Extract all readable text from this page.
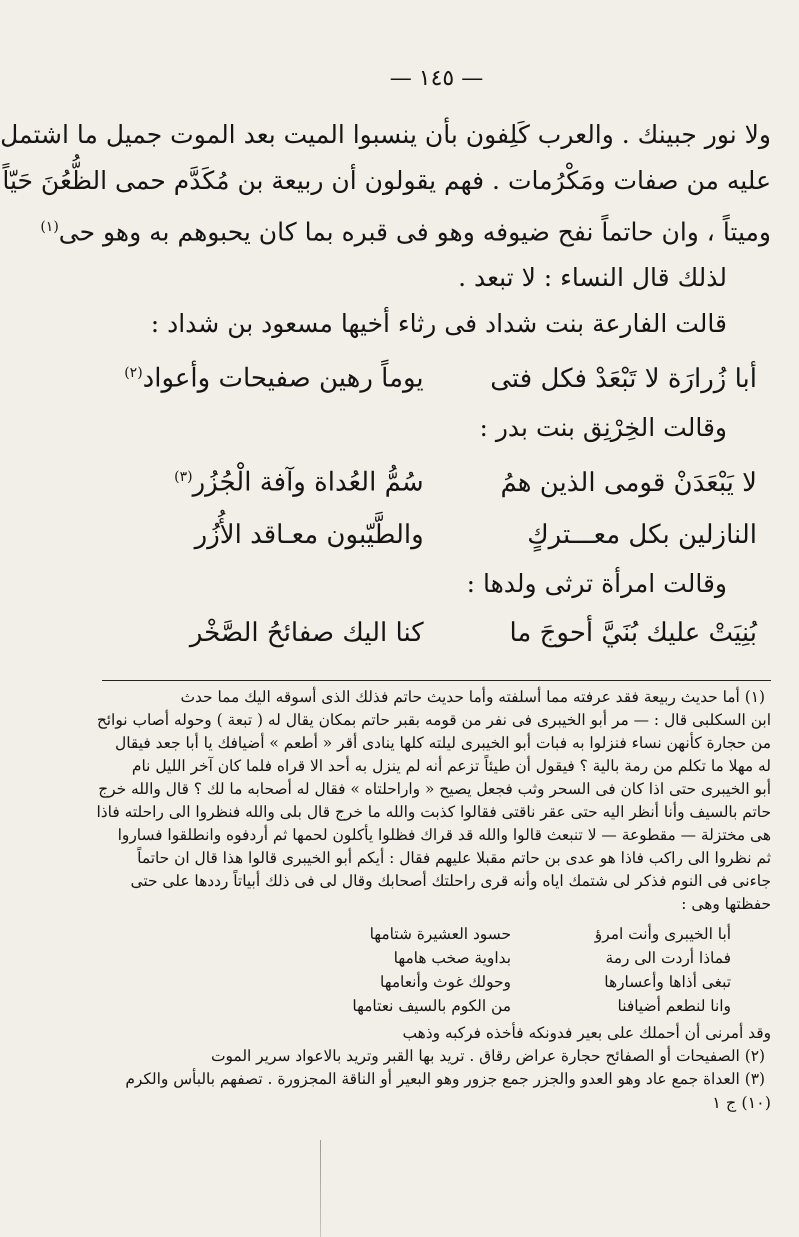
— ١٤٥ —
ولا نور جبينك . والعرب كَلِفون بأن ينسبوا الميت بعد الموت جميل ما اشتمل
عليه من صفات ومَكْرُمات . فهم يقولون أن ربيعة بن مُكَدَّم حمى الظُّعُنَ حَيّاً
وميتاً ، وان حاتماً نفح ضيوفه وهو فى قبره بما كان يحبوهم به وهو حى$^{(١)}$
لذلك قال النساء : لا تبعد .
قالت الفارعة بنت شداد فى رثاء أخيها مسعود بن شداد :
أبا زُرارَة لا تَبْعَدْ فكل فتى
يوماً رهين صفيحات وأعواد$^{(٢)}$
وقالت الخِرْنِق بنت بدر :
لا يَبْعَدَنْ قومى الذين همُ
سُمُّ العُداة وآفة الْجُزُر$^{(٣)}$
النازلين بكل معـــتركٍ
والطَّيّبون معـاقد الأُزُر
وقالت امرأة ترثى ولدها :
بُنِيَتْ عليك بُنَيَّ أحوجَ ما
كنا اليك صفائحُ الصَّخْر
(١) أما حديث ربيعة فقد عرفته مما أسلفته وأما حديث حاتم فذلك الذى أسوقه اليك مما حدث
ابن السكلبى قال : — مر أبو الخيبرى فى نفر من قومه بقبر حاتم بمكان يقال له ( تبعة ) وحوله أصاب نوائح
من حجارة كأنهن نساء فنزلوا به فبات أبو الخيبرى ليلته كلها ينادى أقر « أطعم » أضيافك يا أبا جعد فيقال
له مهلا ما تكلم من رمة بالية ؟ فيقول أن طيئاً تزعم أنه لم ينزل به أحد الا قراه فلما كان آخر الليل نام
أبو الخيبرى حتى اذا كان فى السحر وثب فجعل يصيح « واراحلتاه » فقال له أصحابه ما لك ؟ قال والله خرج
حاتم بالسيف وأنا أنظر اليه حتى عقر ناقتى فقالوا كذبت والله ما خرج قال بلى والله فنظروا الى راحلته فاذا
هى مختزلة — مقطوعة — لا تنبعث قالوا والله قد قراك فظلوا يأكلون لحمها ثم أردفوه وانطلقوا فساروا
ثم نظروا الى راكب فاذا هو عدى بن حاتم مقبلا عليهم فقال : أيكم أبو الخيبرى قالوا هذا قال ان حاتماً
جاءنى فى النوم فذكر لى شتمك اياه وأنه قرى راحلتك أصحابك وقال لى فى ذلك أبياتاً رددها على حتى
حفظتها وهى :
أبا الخيبرى وأنت امرؤ
حسود العشيرة شتامها
فماذا أردت الى رمة
بداوية صخب هامها
تبغى أذاها وأعسارها
وحولك غوث وأنعامها
وانا لنطعم أضيافنا
من الكوم بالسيف نعتامها
وقد أمرنى أن أحملك على بعير فدونكه فأخذه فركبه وذهب
(٢) الصفيحات أو الصفائح حجارة عراض رقاق . تريد بها القبر وتريد بالاعواد سرير الموت
(٣) العداة جمع عاد وهو العدو والجزر جمع جزور وهو البعير أو الناقة المجزورة . تصفهم بالبأس والكرم
(١٠) ج ١
